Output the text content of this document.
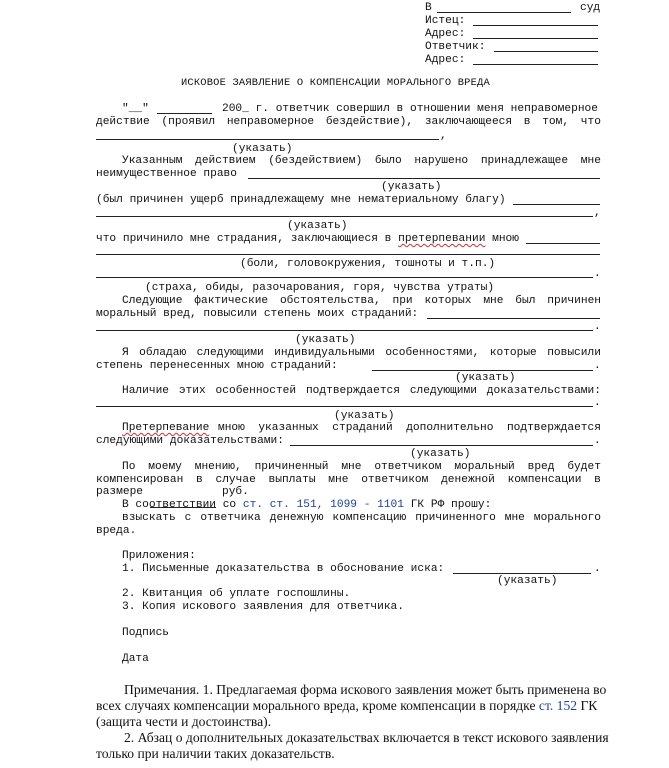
В	суд
Истец:
Адрес:
Ответчик:
Адрес:
ИСКОВОЕ ЗАЯВЛЕНИЕ О КОМПЕНСАЦИИ МОРАЛЬНОГО ВРЕДА
"__"	200_ г. ответчик совершил в отношении меня неправомерное
действие (проявил неправомерное бездействие), заключающееся в том, что
,
(указать)
Указанным действием (бездействием) было нарушено принадлежащее мне
неимущественное право
(указать)
(был причинен ущерб принадлежащему мне нематериальному благу)
,
(указать)
что причинило мне страдания, заключающиеся в претерпевании мною
(боли, головокружения, тошноты и т.п.)
.
(страха, обиды, разочарования, горя, чувства утраты)
Следующие фактические обстоятельства, при которых мне был причинен
моральный вред, повысили степень моих страданий:
.
(указать)
Я обладаю следующими индивидуальными особенностями, которые повысили
степень перенесенных мною страданий:	.
(указать)
Наличие этих особенностей подтверждается следующими доказательствами:
.
(указать)
Претерпевание мною указанных страданий дополнительно подтверждается
следующими доказательствами:	.
(указать)
По моему мнению, причиненный мне ответчиком моральный вред будет
компенсирован в случае выплаты мне ответчиком денежной компенсации в
размере	руб.
В соответствии со ст. ст. 151, 1099 - 1101 ГК РФ прошу:
взыскать с ответчика денежную компенсацию причиненного мне морального
вреда.
Приложения:
1. Письменные доказательства в обоснование иска:	.
(указать)
2. Квитанция об уплате госпошлины.
3. Копия искового заявления для ответчика.
Подпись
Дата
Примечания. 1. Предлагаемая форма искового заявления может быть применена во
всех случаях компенсации морального вреда, кроме компенсации в порядке ст. 152 ГК
(защита чести и достоинства).
2. Абзац о дополнительных доказательствах включается в текст искового заявления
только при наличии таких доказательств.
